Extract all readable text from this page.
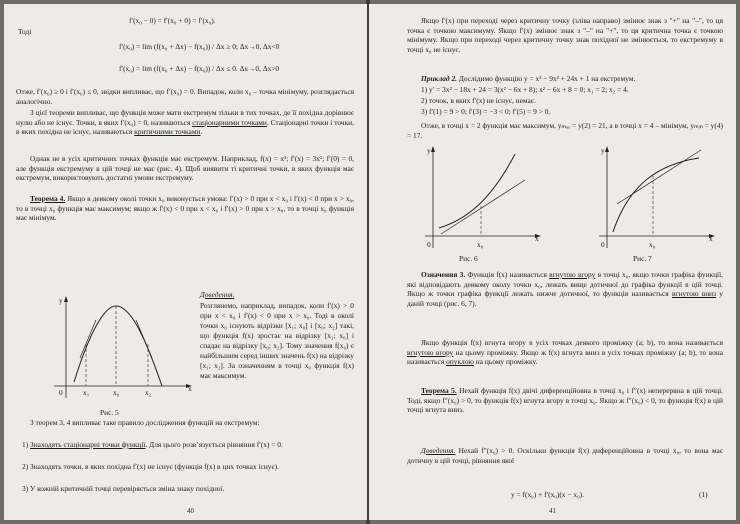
f′(x₀ − 0) = f′(x₀ + 0) = f′(x₀).
Тоді
f′(x₀) = lim (f(x₀ + Δx) − f(x₀)) / Δx ≥ 0; Δx→0, Δx<0
f′(x₀) = lim (f(x₀ + Δx) − f(x₀)) / Δx ≤ 0. Δx→0, Δx>0
Отже, f′(x₀) ≥ 0 і f′(x₀) ≤ 0, звідки випливає, що f′(x₀) = 0. Випадок, коли x₀ – точка мінімуму, розглядається аналогічно.
З цієї теореми випливає, що функція може мати екстремум тільки в тих точках, де її похідна дорівнює нулю або не існує. Точки, в яких f′(x₀) = 0, називаються стаціонарними точками. Стаціонарні точки і точки, в яких похідна не існує, називаються критичними точками.
Однак не в усіх критичних точках функція має екстремум. Наприклад, f(x) = x³; f′(x) = 3x²; f′(0) = 0, але функція екстремуму в цій точці не має (рис. 4). Щоб виявити ті критичні точки, в яких функція має екстремум, використовують достатні умови екстремуму.
Теорема 4. Якщо в деякому околі точки x₀ виконується умова: f′(x) > 0 при x < x₀ і f′(x) < 0 при x > x₀, то в точці x₀ функція має максимум; якщо ж f′(x) < 0 при x < x₀ і f′(x) > 0 при x > x₀, то в точці x₀ функція має мінімум.
y
x
0	x₁	x₀	x₂
Рис. 5
Доведення.
Розглянемо, наприклад, випадок, коли f′(x) > 0 при x < x₀ і f′(x) < 0 при x > x₀. Тоді в околі точки x₀ існують відрізки [x₁; x₀] і [x₀; x₂] такі, що функція f(x) зростає на відрізку [x₁; x₀] і спадає на відрізку [x₀; x₂]. Тому значення f(x₀) є найбільшим серед інших значень f(x) на відрізку [x₁; x₂]. За означенням в точці x₀ функція f(x) має максимум.
З теорем 3, 4 випливає таке правило дослідження функцій на екстремум:
1) Знаходять стаціонарні точки функції. Для цього розв’язується рівняння f′(x) = 0.
2) Знаходять точки, в яких похідна f′(x) не існує (функція f(x) в цих точках існує).
3) У кожній критичній точці перевіряється зміна знаку похідної.
40
Якщо f′(x) при переході через критичну точку (зліва направо) змінює знак з "+" на "–", то ця точка є точкою максимуму. Якщо f′(x) змінює знак з "–" на "+", то ця критична точка є точкою мінімуму. Якщо при переході через критичну точку знак похідної не змінюється, то екстремуму в точці x₀ не існує.
Приклад 2. Дослідимо функцію y = x³ − 9x² + 24x + 1 на екстремум.
1) y′ = 3x² − 18x + 24 = 3(x² − 6x + 8); x² − 6x + 8 = 0; x₁ = 2; x₂ = 4.
2) точок, в яких f′(x) не існує, немає.
3) f′(1) = 9 > 0; f′(3) = −3 < 0; f′(5) = 9 > 0.
Отже, в точці x = 2 функція має максимум, yₘₐₓ = y(2) = 21, а в точці x = 4 – мінімум, yₘᵢₙ = y(4) = 17.
y
x
0	x₀
Рис. 6
y
x
0	x₀
Рис. 7
Означення 3. Функція f(x) називається вгнутою вгору в точці x₀, якщо точки графіка функції, які відповідають деякому околу точки x₀, лежать вище дотичної до графіка функції в цій точці. Якщо ж точки графіка функції лежать нижче дотичної, то функція називається вгнутою вниз у даній точці (рис. 6, 7).
Якщо функція f(x) вгнута вгору в усіх точках деякого проміжку (a; b), то вона називається вгнутою вгору на цьому проміжку. Якщо ж f(x) вгнута вниз в усіх точках проміжку (a; b), то вона називається опуклою на цьому проміжку.
Теорема 5. Нехай функція f(x) двічі диференційовна в точці x₀ і f″(x) неперервна в цій точці. Тоді, якщо f″(x₀) > 0, то функція f(x) вгнута вгору в точці x₀. Якщо ж f″(x₀) < 0, то функція f(x) в цій точці вгнута вниз.
Доведення. Нехай f″(x₀) > 0. Оскільки функція f(x) диференційовна в точці x₀, то вона має дотичну в цій точці, рівняння якої
y = f(x₀) + f′(x₀)(x − x₀).	(1)
41
